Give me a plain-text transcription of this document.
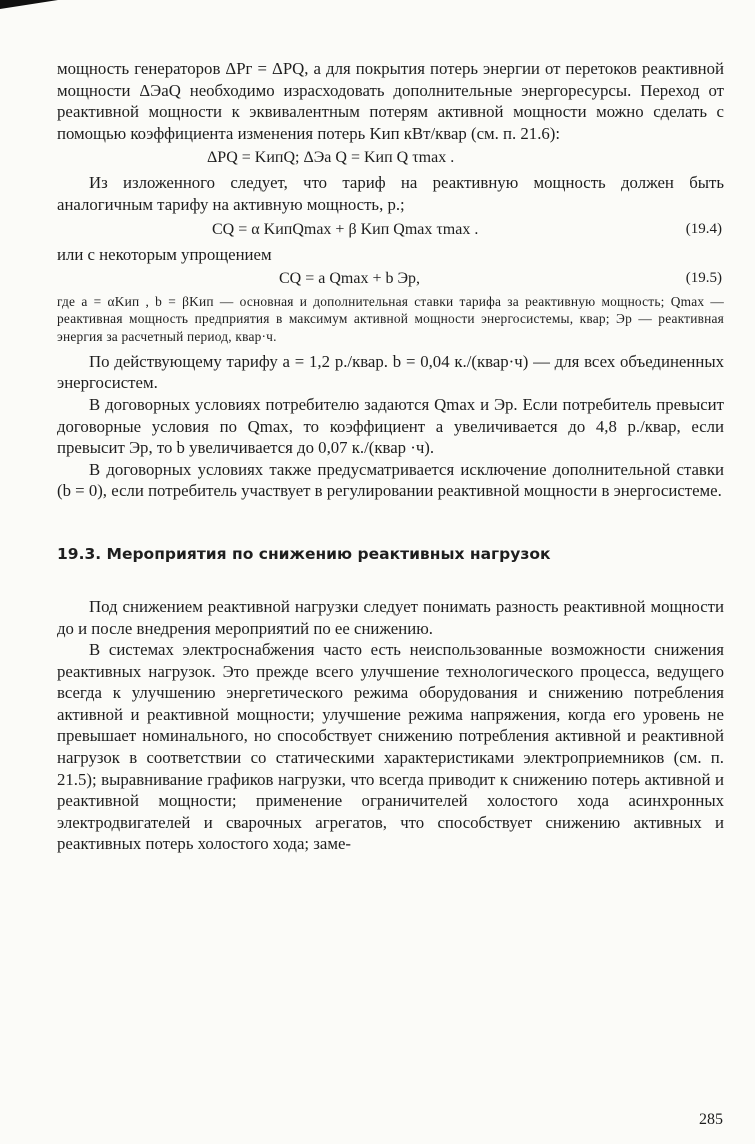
мощность генераторов ΔPг = ΔPQ, а для покрытия потерь энергии от перетоков реактивной мощности ΔЭaQ необходимо израсходовать дополнительные энергоресурсы. Переход от реактивной мощности к эквивалентным потерям активной мощности можно сделать с помощью коэффициента изменения потерь Kип кВт/квар (см. п. 21.6):

ΔPQ = KипQ; ΔЭa Q = Kип Q τmax .

Из изложенного следует, что тариф на реактивную мощность должен быть аналогичным тарифу на активную мощность, р.;

CQ = α KипQmax + β Kип Qmax τmax .	(19.4)

или с некоторым упрощением

CQ = a Qmax + b Эр,	(19.5)

где a = αKип , b = βKип — основная и дополнительная ставки тарифа за реактивную мощность; Qmax — реактивная мощность предприятия в максимум активной мощности энергосистемы, квар; Эр — реактивная энергия за расчетный период, квар·ч.

По действующему тарифу a = 1,2 р./квар. b = 0,04 к./(квар·ч) — для всех объединенных энергосистем.

В договорных условиях потребителю задаются Qmax и Эр. Если потребитель превысит договорные условия по Qmax, то коэффициент a увеличивается до 4,8 р./квар, если превысит Эр, то b увеличивается до 0,07 к./(квар ·ч).

В договорных условиях также предусматривается исключение дополнительной ставки (b = 0), если потребитель участвует в регулировании реактивной мощности в энергосистеме.

19.3. Мероприятия по снижению реактивных нагрузок

Под снижением реактивной нагрузки следует понимать разность реактивной мощности до и после внедрения мероприятий по ее снижению.

В системах электроснабжения часто есть неиспользованные возможности снижения реактивных нагрузок. Это прежде всего улучшение технологического процесса, ведущего всегда к улучшению энергетического режима оборудования и снижению потребления активной и реактивной мощности; улучшение режима напряжения, когда его уровень не превышает номинального, но способствует снижению потребления активной и реактивной нагрузок в соответствии со статическими характеристиками электроприемников (см. п. 21.5); выравнивание графиков нагрузки, что всегда приводит к снижению потерь активной и реактивной мощности; применение ограничителей холостого хода асинхронных электродвигателей и сварочных агрегатов, что способствует снижению активных и реактивных потерь холостого хода; заме-

285
